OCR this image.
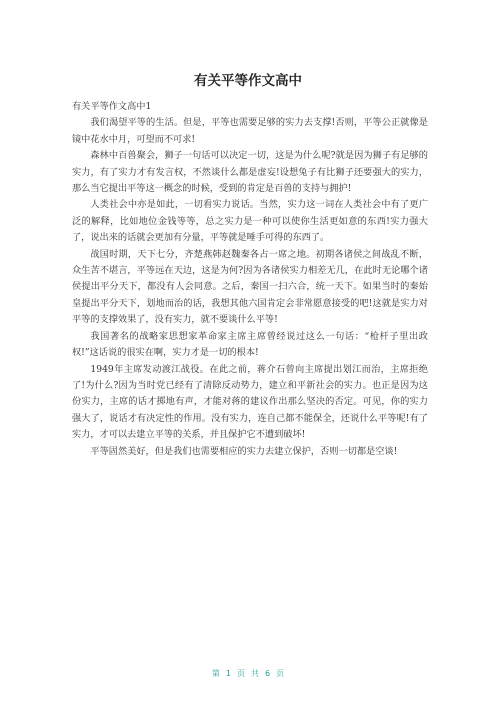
有关平等作文高中

有关平等作文高中1

我们渴望平等的生活。但是，平等也需要足够的实力去支撑!否则，平等公正就像是镜中花水中月，可望而不可求!

森林中百兽聚会，狮子一句话可以决定一切，这是为什么呢?就是因为狮子有足够的实力，有了实力才有发言权，不然谈什么都是虚妄!设想兔子有比狮子还要强大的实力，那么当它提出平等这一概念的时候，受到的肯定是百兽的支持与拥护!

人类社会中亦是如此，一切看实力说话。当然，实力这一词在人类社会中有了更广泛的解释，比如地位金钱等等，总之实力是一种可以使你生活更如意的东西!实力强大了，说出来的话就会更加有分量，平等就是唾手可得的东西了。

战国时期，天下七分，齐楚燕韩赵魏秦各占一席之地。初期各诸侯之间战乱不断，众生苦不堪言，平等远在天边，这是为何?因为各诸侯实力相差无几，在此时无论哪个诸侯提出平分天下，都没有人会同意。之后，秦国一扫六合，统一天下。如果当时的秦始皇提出平分天下，划地而治的话，我想其他六国肯定会非常愿意接受的吧!这就是实力对平等的支撑效果了，没有实力，就不要谈什么平等!

我国著名的战略家思想家革命家主席主席曾经说过这么一句话：“枪杆子里出政权!”这话说的很实在啊，实力才是一切的根本!

1949年主席发动渡江战役。在此之前，蒋介石曾向主席提出划江而治，主席拒绝了!为什么?因为当时党已经有了清除反动势力，建立和平新社会的实力。也正是因为这份实力，主席的话才掷地有声，才能对蒋的建议作出那么坚决的否定。可见，你的实力强大了，说话才有决定性的作用。没有实力，连自己都不能保全，还说什么平等呢!有了实力，才可以去建立平等的关系，并且保护它不遭到破坏!

平等固然美好，但是我们也需要相应的实力去建立保护，否则一切都是空谈!

第 1 页 共 6 页
